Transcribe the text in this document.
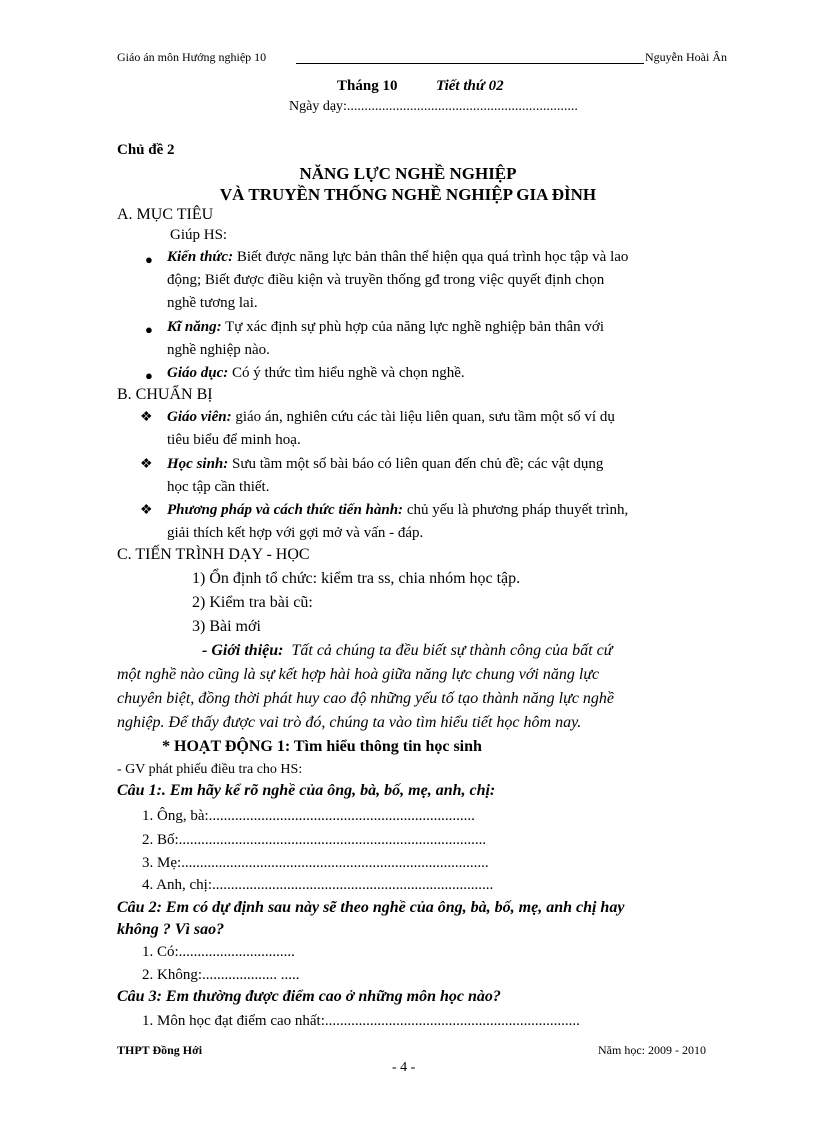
Giáo án môn Hướng nghiệp 10	Nguyễn Hoài Ân
Tháng 10	Tiết thứ 02
Ngày dạy:..................................................................
Chủ đề 2
NĂNG LỰC NGHỀ NGHIỆP
VÀ TRUYỀN THỐNG NGHỀ NGHIỆP GIA ĐÌNH
A. MỤC TIÊU
Giúp HS:
● Kiến thức: Biết được năng lực bản thân thể hiện qụa quá trình học tập và lao
động; Biết được điều kiện và truyền thống gđ trong việc quyết định chọn
nghề tương lai.
● Kĩ năng: Tự xác định sự phù hợp của năng lực nghề nghiệp bản thân với
nghề nghiệp nào.
● Giáo dục: Có ý thức tìm hiểu nghề và chọn nghề.
B. CHUẨN BỊ
❖ Giáo viên: giáo án, nghiên cứu các tài liệu liên quan, sưu tầm một số ví dụ
tiêu biểu để minh hoạ.
❖ Học sinh: Sưu tầm một số bài báo có liên quan đến chủ đề; các vật dụng
học tập cần thiết.
❖ Phương pháp và cách thức tiến hành: chủ yếu là phương pháp thuyết trình,
giải thích kết hợp với gợi mở và vấn - đáp.
C. TIẾN TRÌNH DẠY - HỌC
1) Ổn định tổ chức: kiểm tra ss, chia nhóm học tập.
2) Kiểm tra bài cũ:
3) Bài mới
- Giới thiệu: Tất cả chúng ta đều biết sự thành công của bất cứ
một nghề nào cũng là sự kết hợp hài hoà giữa năng lực chung với năng lực
chuyên biệt, đồng thời phát huy cao độ những yếu tố tạo thành năng lực nghề
nghiệp. Để thấy được vai trò đó, chúng ta vào tìm hiểu tiết học hôm nay.
* HOẠT ĐỘNG 1: Tìm hiểu thông tin học sinh
- GV phát phiếu điều tra cho HS:
Câu 1:. Em hãy kể rõ nghề của ông, bà, bố, mẹ, anh, chị:
1. Ông, bà:.......................................................................
2. Bố:..................................................................................
3. Mẹ:..................................................................................
4. Anh, chị:...........................................................................
Câu 2: Em có dự định sau này sẽ theo nghề của ông, bà, bố, mẹ, anh chị hay
không ? Vì sao?
1. Có:...............................
2. Không:.................... .....
Câu 3: Em thường được điểm cao ở những môn học nào?
1. Môn học đạt điểm cao nhất:....................................................................
THPT Đồng Hới	Năm học: 2009 - 2010
- 4 -
